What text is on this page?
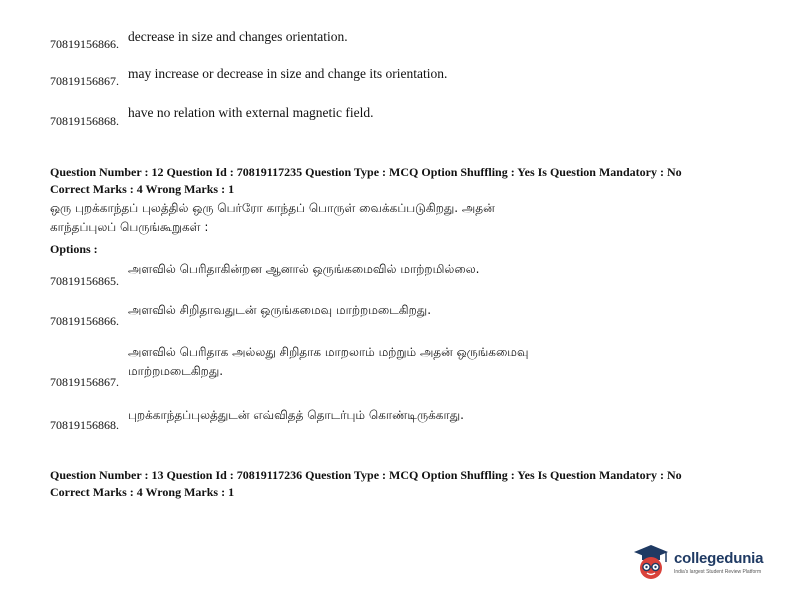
70819156866. decrease in size and changes orientation.
70819156867. may increase or decrease in size and change its orientation.
70819156868.
have no relation with external magnetic field.
Question Number : 12 Question Id : 70819117235 Question Type : MCQ Option Shuffling : Yes Is Question Mandatory : No
Correct Marks : 4 Wrong Marks : 1
ஒரு புறக்காந்தப் புலத்தில் ஒரு பெர்ரோ காந்தப் பொருள் வைக்கப்படுகிறது. அதன்
காந்தப்புலப் பெருங்கூறுகள் :
Options :
70819156865.
அளவில் பெரிதாகின்றன ஆனால் ஒருங்கமைவில் மாற்றமில்லை.
70819156866.
அளவில் சிறிதாவதுடன் ஒருங்கமைவு மாற்றமடைகிறது.
அளவில் பெரிதாக அல்லது சிறிதாக மாறலாம் மற்றும் அதன் ஒருங்கமைவு
70819156867.
மாற்றமடைகிறது.
70819156868.
புறக்காந்தப்புலத்துடன் எவ்விதத் தொடர்பும் கொண்டிருக்காது.
Question Number : 13 Question Id : 70819117236 Question Type : MCQ Option Shuffling : Yes Is Question Mandatory : No
Correct Marks : 4 Wrong Marks : 1
collegedunia
India's largest Student Review Platform
